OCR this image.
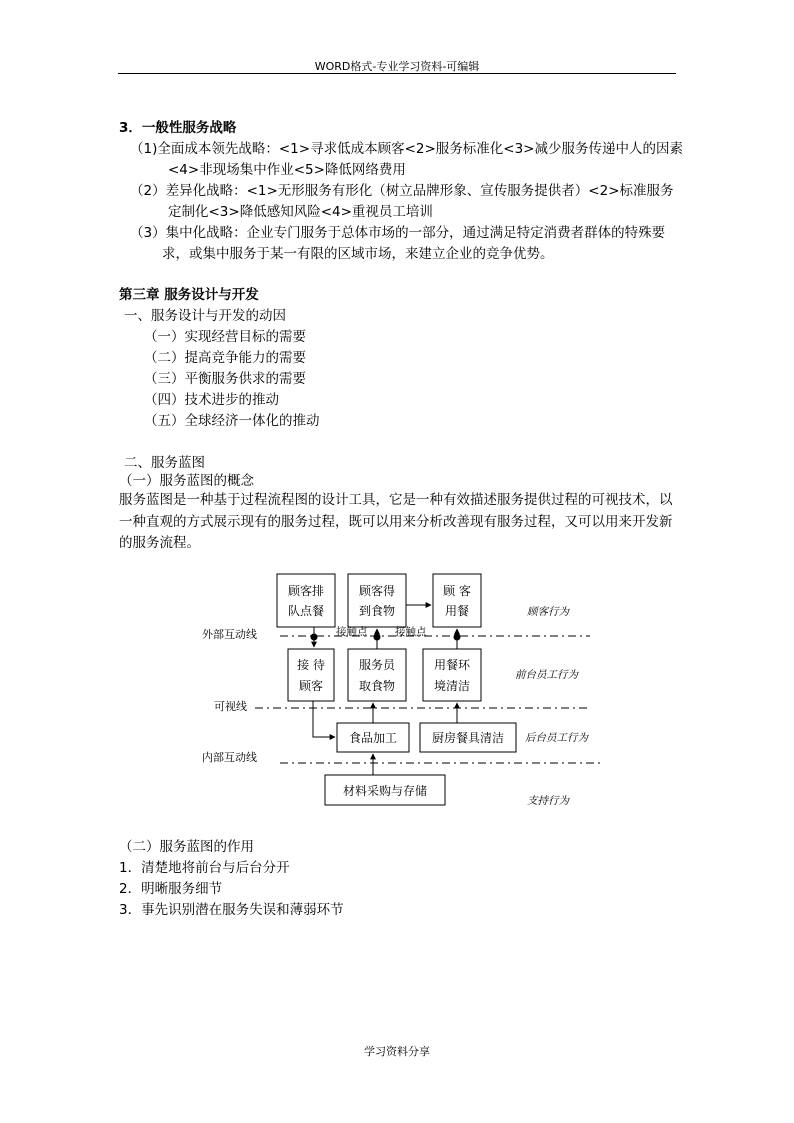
WORD格式-专业学习资料-可编辑
3．一般性服务战略
（1)全面成本领先战略：<1>寻求低成本顾客<2>服务标准化<3>减少服务传递中人的因素
<4>非现场集中作业<5>降低网络费用
（2）差异化战略：<1>无形服务有形化（树立品牌形象、宣传服务提供者）<2>标准服务
定制化<3>降低感知风险<4>重视员工培训
（3）集中化战略：企业专门服务于总体市场的一部分，通过满足特定消费者群体的特殊要
求，或集中服务于某一有限的区域市场，来建立企业的竞争优势。
第三章 服务设计与开发
一、服务设计与开发的动因
（一）实现经营目标的需要
（二）提高竞争能力的需要
（三）平衡服务供求的需要
（四）技术进步的推动
（五）全球经济一体化的推动
二、服务蓝图
（一）服务蓝图的概念
服务蓝图是一种基于过程流程图的设计工具，它是一种有效描述服务提供过程的可视技术，以一种直观的方式展示现有的服务过程，既可以用来分析改善现有服务过程，又可以用来开发新的服务流程。
外部互动线
可视线
内部互动线
顾客排
队点餐
顾客得
到食物
顾 客
用餐
接 待
顾客
服务员
取食物
用餐环
境清洁
接触点	接触点
食品加工	厨房餐具清洁
材料采购与存储
顾客行为
前台员工行为
后台员工行为
支持行为
（二）服务蓝图的作用
1．清楚地将前台与后台分开
2．明晰服务细节
3．事先识别潜在服务失误和薄弱环节
学习资料分享
